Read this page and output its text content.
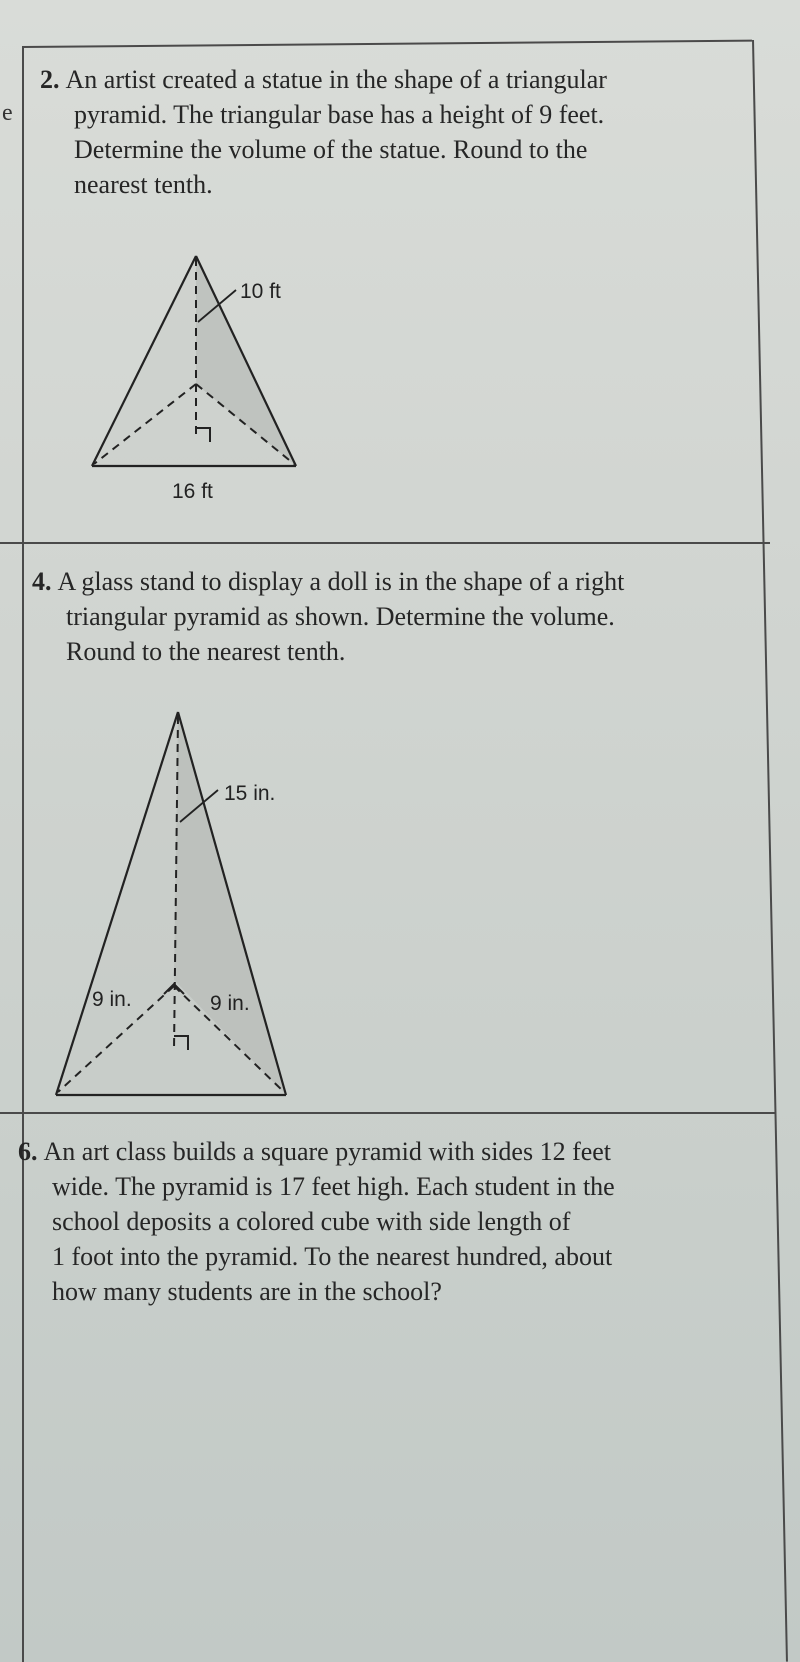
e
2. An artist created a statue in the shape of a triangular
pyramid. The triangular base has a height of 9 feet.
Determine the volume of the statue. Round to the
nearest tenth.
10 ft
16 ft
4. A glass stand to display a doll is in the shape of a right
triangular pyramid as shown. Determine the volume.
Round to the nearest tenth.
15 in.
9 in.	9 in.
6. An art class builds a square pyramid with sides 12 feet
wide. The pyramid is 17 feet high. Each student in the
school deposits a colored cube with side length of
1 foot into the pyramid. To the nearest hundred, about
how many students are in the school?
